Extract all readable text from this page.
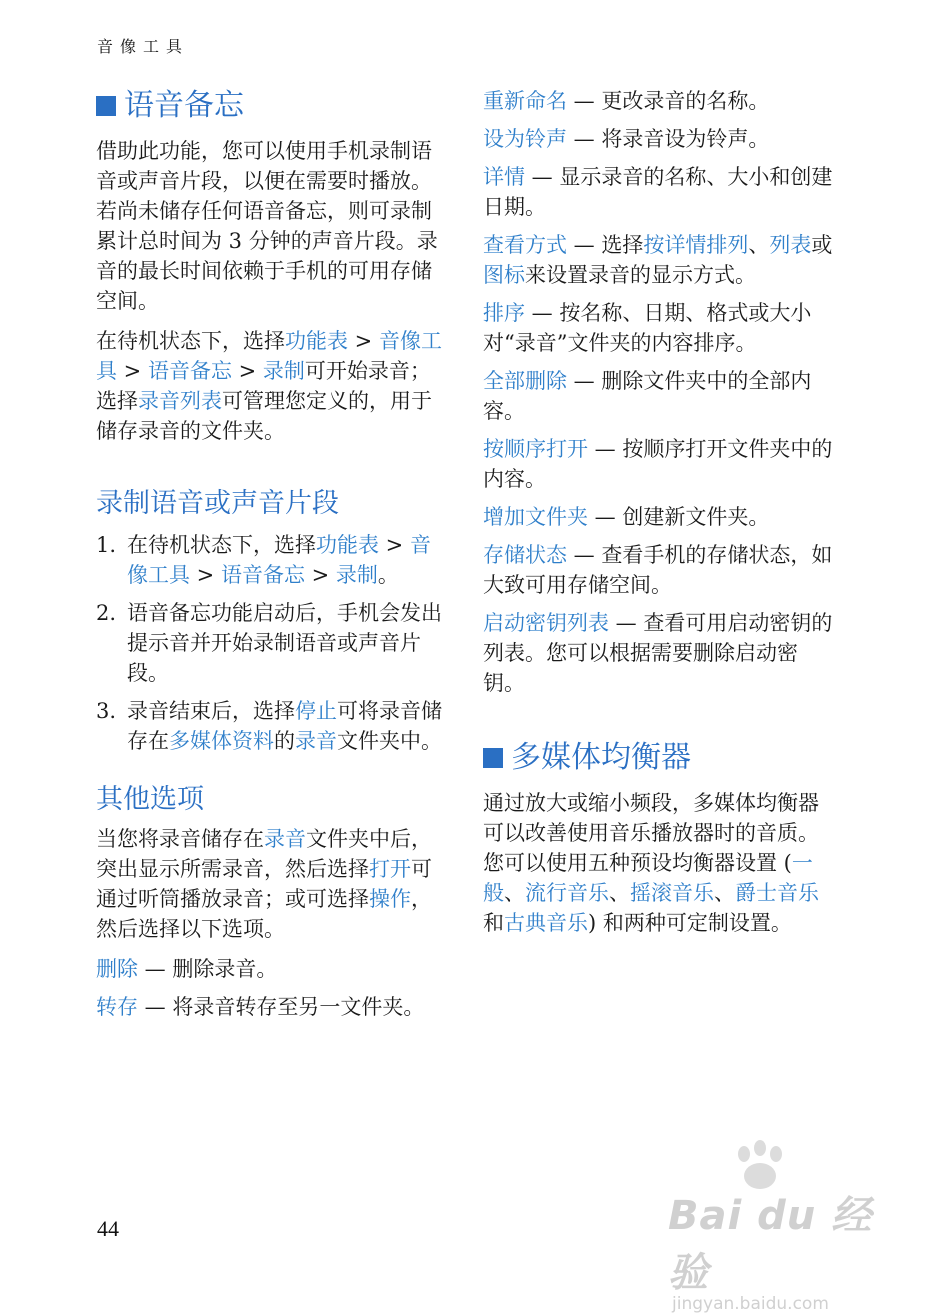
音像工具
语音备忘

借助此功能，您可以使用手机录制语音或声音片段，以便在需要时播放。若尚未储存任何语音备忘，则可录制累计总时间为 3 分钟的声音片段。录音的最长时间依赖于手机的可用存储空间。

在待机状态下，选择功能表 > 音像工具 > 语音备忘 > 录制可开始录音；选择录音列表可管理您定义的，用于储存录音的文件夹。

录制语音或声音片段
1. 在待机状态下，选择功能表 > 音像工具 > 语音备忘 > 录制。
2. 语音备忘功能启动后，手机会发出提示音并开始录制语音或声音片段。
3. 录音结束后，选择停止可将录音储存在多媒体资料的录音文件夹中。
其他选项

当您将录音储存在录音文件夹中后，突出显示所需录音，然后选择打开可通过听筒播放录音；或可选择操作，然后选择以下选项。

删除 — 删除录音。

转存 — 将录音转存至另一文件夹。

重新命名 — 更改录音的名称。

设为铃声 — 将录音设为铃声。

详情 — 显示录音的名称、大小和创建日期。

查看方式 — 选择按详情排列、列表或图标来设置录音的显示方式。

排序 — 按名称、日期、格式或大小对“录音”文件夹的内容排序。

全部删除 — 删除文件夹中的全部内容。

按顺序打开 — 按顺序打开文件夹中的内容。

增加文件夹 — 创建新文件夹。

存储状态 — 查看手机的存储状态，如大致可用存储空间。

启动密钥列表 — 查看可用启动密钥的列表。您可以根据需要删除启动密钥。

多媒体均衡器

通过放大或缩小频段，多媒体均衡器可以改善使用音乐播放器时的音质。您可以使用五种预设均衡器设置 (一般、流行音乐、摇滚音乐、爵士音乐和古典音乐) 和两种可定制设置。

44	Bai du 经验
jingyan.baidu.com
